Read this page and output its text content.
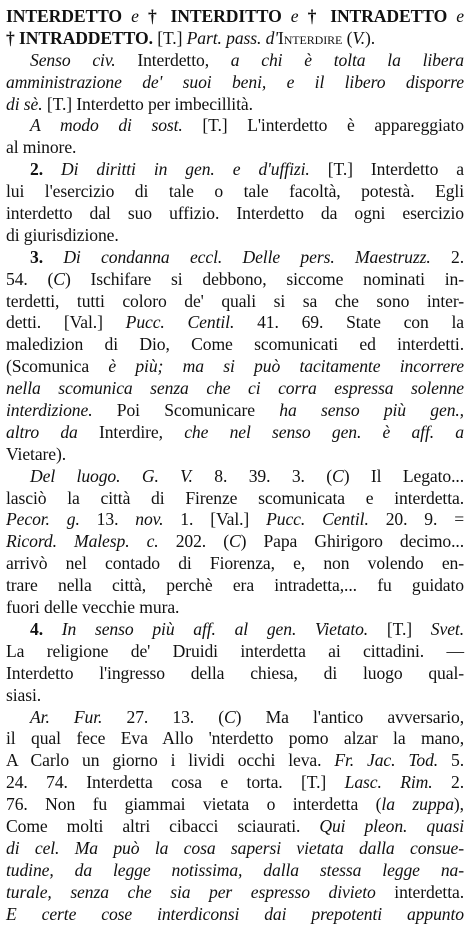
INTERDETTO e † INTERDITTO e † INTRADETTO e
† INTRADDETTO. [T.] Part. pass. d'Interdire (V.).
Senso civ. Interdetto, a chi è tolta la libera
amministrazione de' suoi beni, e il libero disporre
di sè. [T.] Interdetto per imbecillità.
A modo di sost. [T.] L'interdetto è appareggiato
al minore.
2. Di diritti in gen. e d'uffizi. [T.] Interdetto a
lui l'esercizio di tale o tale facoltà, potestà. Egli
interdetto dal suo uffizio. Interdetto da ogni esercizio
di giurisdizione.
3. Di condanna eccl. Delle pers. Maestruzz. 2.
54. (C) Ischifare si debbono, siccome nominati in-
terdetti, tutti coloro de' quali si sa che sono inter-
detti. [Val.] Pucc. Centil. 41. 69. State con la
maledizion di Dio, Come scomunicati ed interdetti.
(Scomunica è più; ma si può tacitamente incorrere
nella scomunica senza che ci corra espressa solenne
interdizione. Poi Scomunicare ha senso più gen.,
altro da Interdire, che nel senso gen. è aff. a
Vietare).
Del luogo. G. V. 8. 39. 3. (C) Il Legato...
lasciò la città di Firenze scomunicata e interdetta.
Pecor. g. 13. nov. 1. [Val.] Pucc. Centil. 20. 9. =
Ricord. Malesp. c. 202. (C) Papa Ghirigoro decimo...
arrivò nel contado di Fiorenza, e, non volendo en-
trare nella città, perchè era intradetta,... fu guidato
fuori delle vecchie mura.
4. In senso più aff. al gen. Vietato. [T.] Svet.
La religione de' Druidi interdetta ai cittadini. —
Interdetto l'ingresso della chiesa, di luogo qual-
siasi.
Ar. Fur. 27. 13. (C) Ma l'antico avversario,
il qual fece Eva Allo 'nterdetto pomo alzar la mano,
A Carlo un giorno i lividi occhi leva. Fr. Jac. Tod. 5.
24. 74. Interdetta cosa e torta. [T.] Lasc. Rim. 2.
76. Non fu giammai vietata o interdetta (la zuppa),
Come molti altri cibacci sciaurati. Qui pleon. quasi
di cel. Ma può la cosa sapersi vietata dalla consue-
tudine, da legge notissima, dalla stessa legge na-
turale, senza che sia per espresso divieto interdetta.
E certe cose interdiconsi dai prepotenti appunto
